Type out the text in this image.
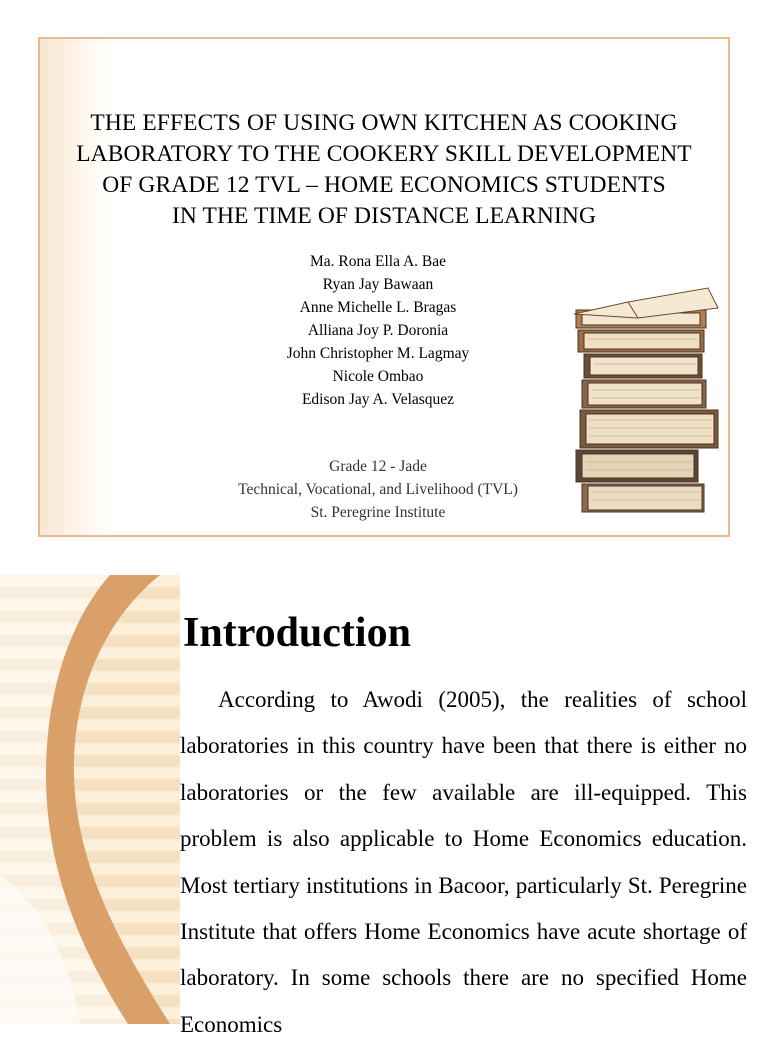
THE EFFECTS OF USING OWN KITCHEN AS COOKING
LABORATORY TO THE COOKERY SKILL DEVELOPMENT
OF GRADE 12 TVL – HOME ECONOMICS STUDENTS
IN THE TIME OF DISTANCE LEARNING
Ma. Rona Ella A. Bae
Ryan Jay Bawaan
Anne Michelle L. Bragas
Alliana Joy P. Doronia
John Christopher M. Lagmay
Nicole Ombao
Edison Jay A. Velasquez
Grade 12 - Jade
Technical, Vocational, and Livelihood (TVL)
St. Peregrine Institute
Introduction

According to Awodi (2005), the realities of school laboratories in this country have been that there is either no laboratories or the few available are ill-equipped. This problem is also applicable to Home Economics education. Most tertiary institutions in Bacoor, particularly St. Peregrine Institute that offers Home Economics have acute shortage of laboratory. In some schools there are no specified Home Economics
